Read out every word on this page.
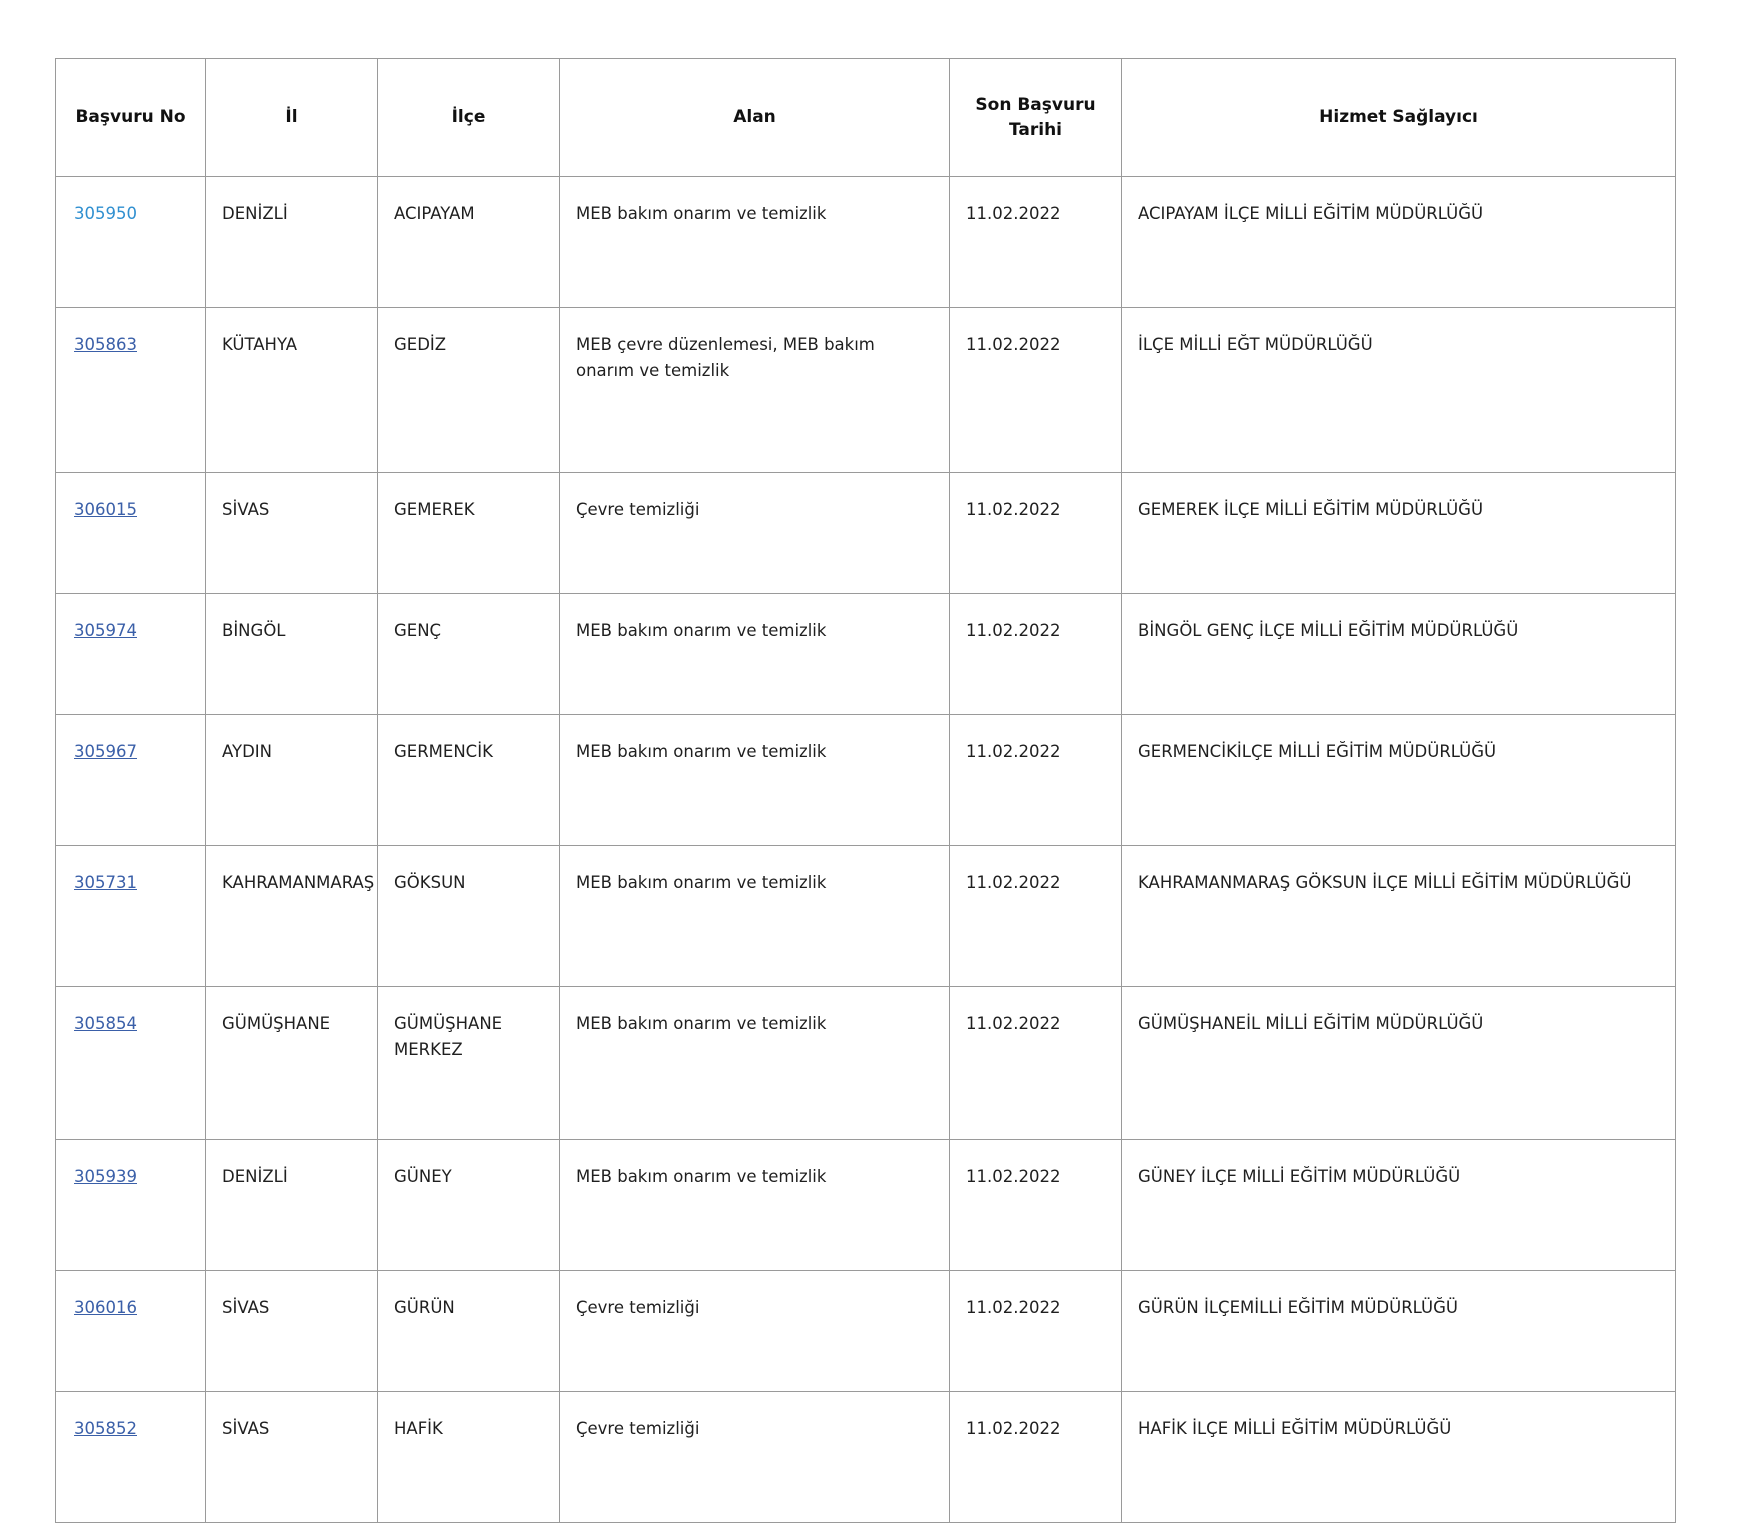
Başvuru No	İl	İlçe	Alan	Son Başvuru Tarihi	Hizmet Sağlayıcı
305950	DENİZLİ	ACIPAYAM	MEB bakım onarım ve temizlik	11.02.2022	ACIPAYAM İLÇE MİLLİ EĞİTİM MÜDÜRLÜĞÜ
305863	KÜTAHYA	GEDİZ	MEB çevre düzenlemesi, MEB bakım onarım ve temizlik	11.02.2022	İLÇE MİLLİ EĞT MÜDÜRLÜĞÜ
306015	SİVAS	GEMEREK	Çevre temizliği	11.02.2022	GEMEREK İLÇE MİLLİ EĞİTİM MÜDÜRLÜĞÜ
305974	BİNGÖL	GENÇ	MEB bakım onarım ve temizlik	11.02.2022	BİNGÖL GENÇ İLÇE MİLLİ EĞİTİM MÜDÜRLÜĞÜ
305967	AYDIN	GERMENCİK	MEB bakım onarım ve temizlik	11.02.2022	GERMENCİKİLÇE MİLLİ EĞİTİM MÜDÜRLÜĞÜ
305731	KAHRAMANMARAŞ	GÖKSUN	MEB bakım onarım ve temizlik	11.02.2022	KAHRAMANMARAŞ GÖKSUN İLÇE MİLLİ EĞİTİM MÜDÜRLÜĞÜ
305854	GÜMÜŞHANE	GÜMÜŞHANE MERKEZ	MEB bakım onarım ve temizlik	11.02.2022	GÜMÜŞHANEİL MİLLİ EĞİTİM MÜDÜRLÜĞÜ
305939	DENİZLİ	GÜNEY	MEB bakım onarım ve temizlik	11.02.2022	GÜNEY İLÇE MİLLİ EĞİTİM MÜDÜRLÜĞÜ
306016	SİVAS	GÜRÜN	Çevre temizliği	11.02.2022	GÜRÜN İLÇEMİLLİ EĞİTİM MÜDÜRLÜĞÜ
305852	SİVAS	HAFİK	Çevre temizliği	11.02.2022	HAFİK İLÇE MİLLİ EĞİTİM MÜDÜRLÜĞÜ
